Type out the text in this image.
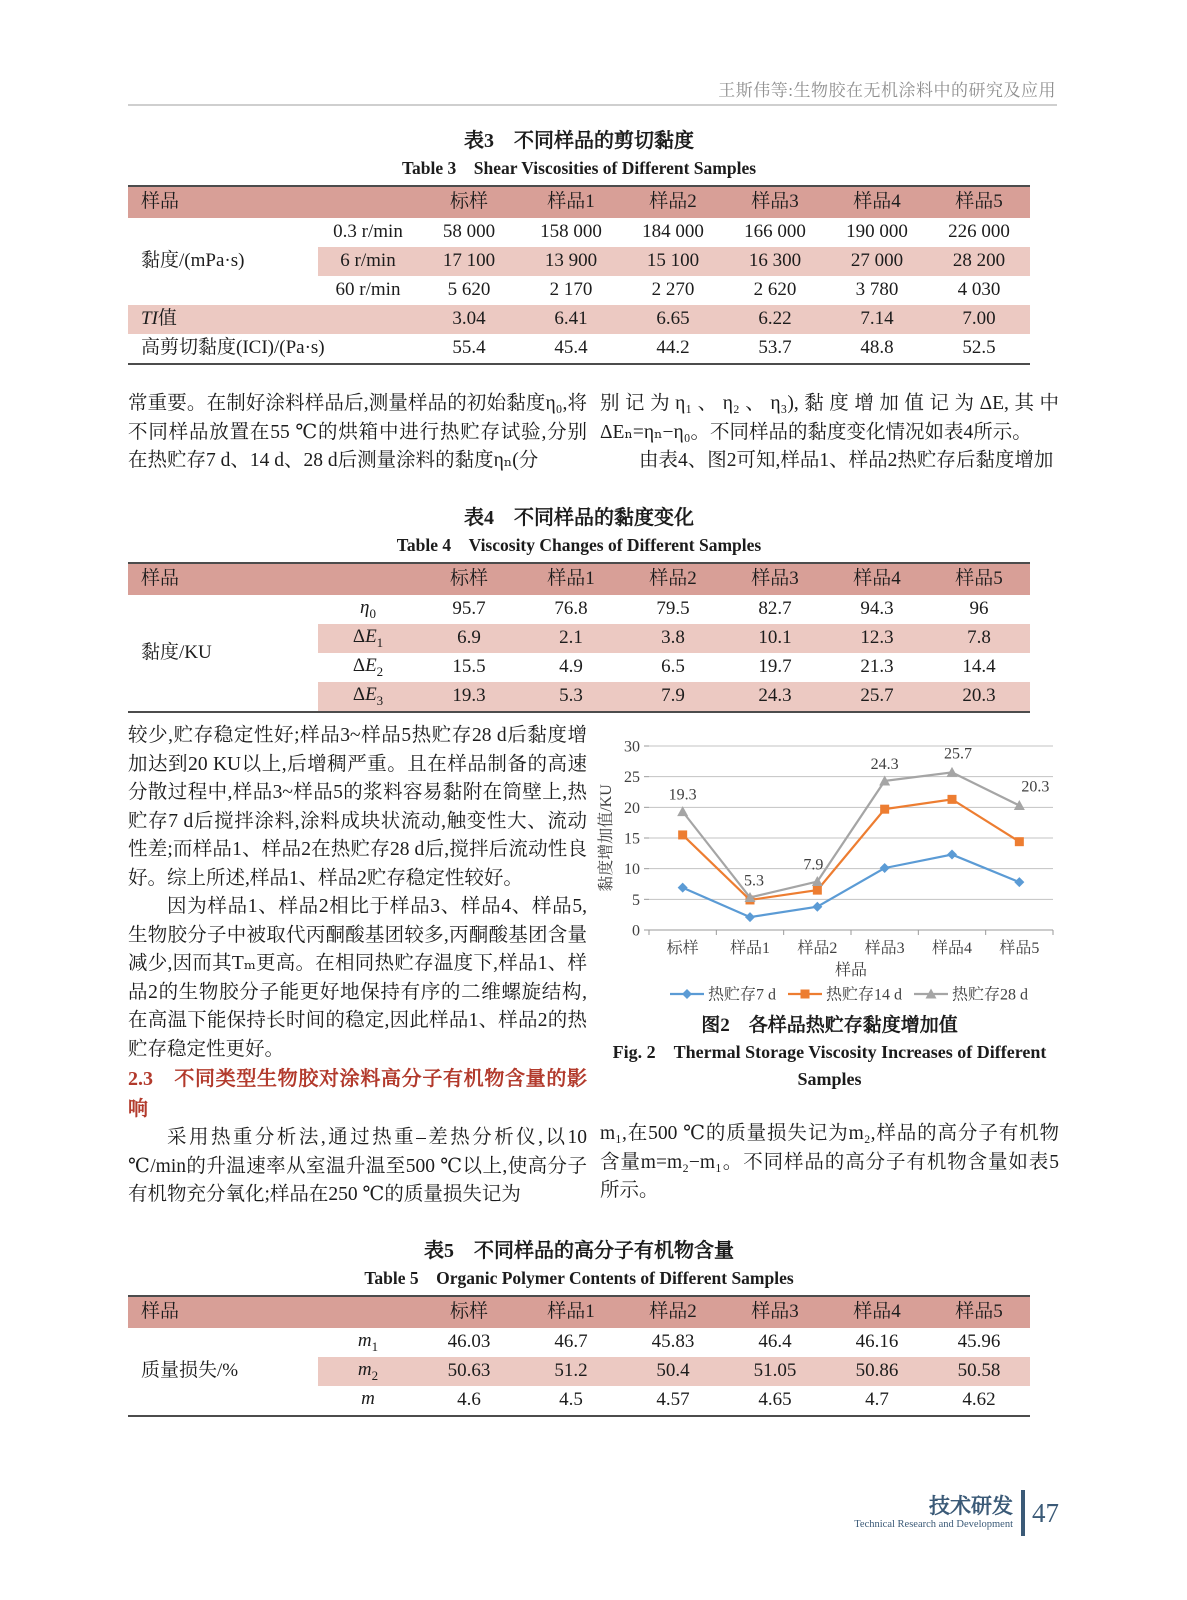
王斯伟等:生物胶在无机涂料中的研究及应用
表3　不同样品的剪切黏度
Table 3　Shear Viscosities of Different Samples
样品		标样	样品1	样品2	样品3	样品4	样品5
黏度/(mPa·s)	0.3 r/min	58 000	158 000	184 000	166 000	190 000	226 000
	6 r/min	17 100	13 900	15 100	16 300	27 000	28 200
	60 r/min	5 620	2 170	2 270	2 620	3 780	4 030
TI值		3.04	6.41	6.65	6.22	7.14	7.00
高剪切黏度(ICI)/(Pa·s)		55.4	45.4	44.2	53.7	48.8	52.5

常重要。在制好涂料样品后,测量样品的初始黏度η₀,将不同样品放置在55 ℃的烘箱中进行热贮存试验,分别在热贮存7 d、14 d、28 d后测量涂料的黏度ηₙ(分

别记为η₁、η₂、η₃),黏度增加值记为ΔE,其中ΔEₙ=ηₙ−η₀。不同样品的黏度变化情况如表4所示。

由表4、图2可知,样品1、样品2热贮存后黏度增加

表4　不同样品的黏度变化
Table 4　Viscosity Changes of Different Samples
样品		标样	样品1	样品2	样品3	样品4	样品5
黏度/KU	$\eta_0$	95.7	76.8	79.5	82.7	94.3	96
	$\Delta E_1$	6.9	2.1	3.8	10.1	12.3	7.8
	$\Delta E_2$	15.5	4.9	6.5	19.7	21.3	14.4
	$\Delta E_3$	19.3	5.3	7.9	24.3	25.7	20.3

较少,贮存稳定性好;样品3~样品5热贮存28 d后黏度增加达到20 KU以上,后增稠严重。且在样品制备的高速分散过程中,样品3~样品5的浆料容易黏附在筒壁上,热贮存7 d后搅拌涂料,涂料成块状流动,触变性大、流动性差;而样品1、样品2在热贮存28 d后,搅拌后流动性良好。综上所述,样品1、样品2贮存稳定性较好。

因为样品1、样品2相比于样品3、样品4、样品5,生物胶分子中被取代丙酮酸基团较多,丙酮酸基团含量减少,因而其Tₘ更高。在相同热贮存温度下,样品1、样品2的生物胶分子能更好地保持有序的二维螺旋结构,在高温下能保持长时间的稳定,因此样品1、样品2的热贮存稳定性更好。

2.3　不同类型生物胶对涂料高分子有机物含量的影响

采用热重分析法,通过热重–差热分析仪,以10 ℃/min的升温速率从室温升温至500 ℃以上,使高分子有机物充分氧化;样品在250 ℃的质量损失记为

0
5
10
15
20
25
30
标样 样品1 样品2 样品3 样品4 样品5
样品
黏度增加值/KU	19.3
5.3
7.9
24.3
25.7
20.3
热贮存7 d	热贮存14 d	热贮存28 d
图2　各样品热贮存黏度增加值
Fig. 2　Thermal Storage Viscosity Increases of Different Samples

m₁,在500 ℃的质量损失记为m₂,样品的高分子有机物含量m=m₂−m₁。不同样品的高分子有机物含量如表5所示。

表5　不同样品的高分子有机物含量
Table 5　Organic Polymer Contents of Different Samples
样品		标样	样品1	样品2	样品3	样品4	样品5
质量损失/%	$m_1$	46.03	46.7	45.83	46.4	46.16	45.96
	$m_2$	50.63	51.2	50.4	51.05	50.86	50.58
	m	4.6	4.5	4.57	4.65	4.7	4.62
技术研发
Technical Research and Development 47
